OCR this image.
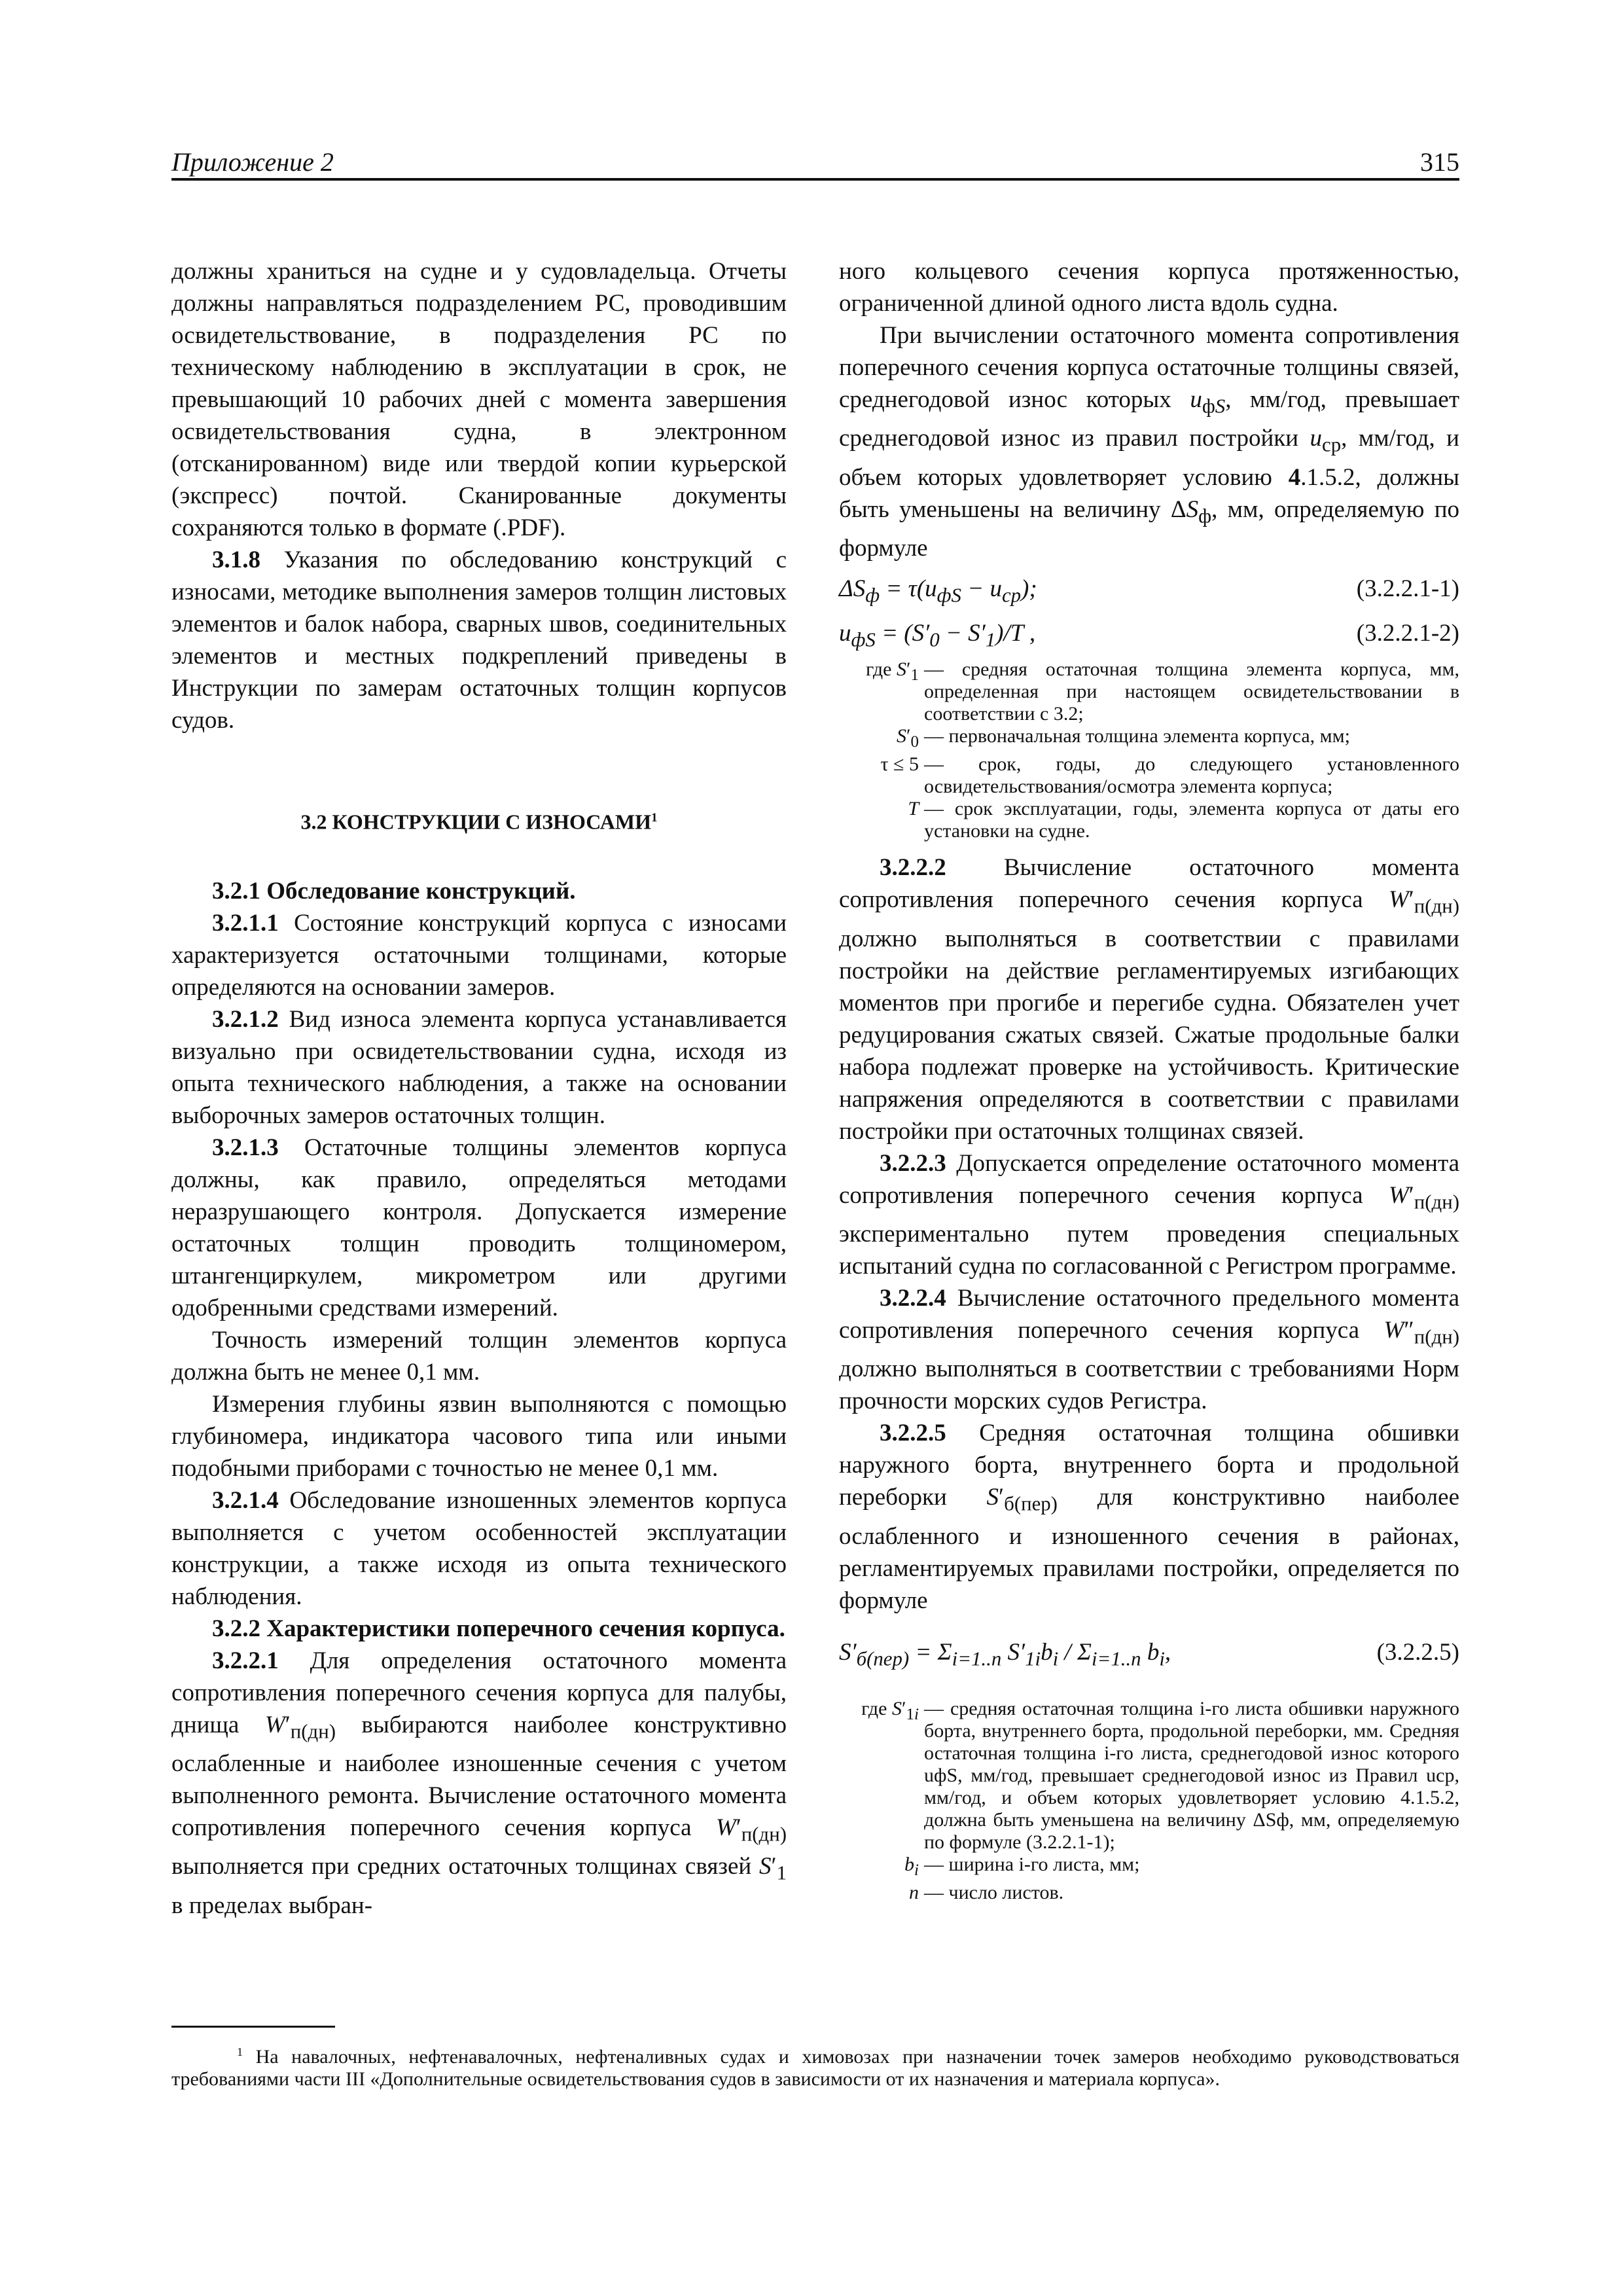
Приложение 2	315

должны храниться на судне и у судовладельца. Отчеты должны направляться подразделением РС, проводившим освидетельствование, в подразделения РС по техническому наблюдению в эксплуатации в срок, не превышающий 10 рабочих дней с момента завершения освидетельствования судна, в электронном (отсканированном) виде или твердой копии курьерской (экспресс) почтой. Сканированные документы сохраняются только в формате (.PDF).

3.1.8 Указания по обследованию конструкций с износами, методике выполнения замеров толщин листовых элементов и балок набора, сварных швов, соединительных элементов и местных подкреплений приведены в Инструкции по замерам остаточных толщин корпусов судов.

3.2 КОНСТРУКЦИИ С ИЗНОСАМИ$^1$

3.2.1 Обследование конструкций.

3.2.1.1 Состояние конструкций корпуса с износами характеризуется остаточными толщинами, которые определяются на основании замеров.

3.2.1.2 Вид износа элемента корпуса устанавливается визуально при освидетельствовании судна, исходя из опыта технического наблюдения, а также на основании выборочных замеров остаточных толщин.

3.2.1.3 Остаточные толщины элементов корпуса должны, как правило, определяться методами неразрушающего контроля. Допускается измерение остаточных толщин проводить толщиномером, штангенциркулем, микрометром или другими одобренными средствами измерений.

Точность измерений толщин элементов корпуса должна быть не менее 0,1 мм.

Измерения глубины язвин выполняются с помощью глубиномера, индикатора часового типа или иными подобными приборами с точностью не менее 0,1 мм.

3.2.1.4 Обследование изношенных элементов корпуса выполняется с учетом особенностей эксплуатации конструкции, а также исходя из опыта технического наблюдения.

3.2.2 Характеристики поперечного сечения корпуса.

3.2.2.1 Для определения остаточного момента сопротивления поперечного сечения корпуса для палубы, днища $W'_{п(дн)}$ выбираются наиболее конструктивно ослабленные и наиболее изношенные сечения с учетом выполненного ремонта. Вычисление остаточного момента сопротивления поперечного сечения корпуса $W'_{п(дн)}$ выполняется при средних остаточных толщинах связей $S'_1$ в пределах выбран-

ного кольцевого сечения корпуса протяженностью, ограниченной длиной одного листа вдоль судна.

При вычислении остаточного момента сопротивления поперечного сечения корпуса остаточные толщины связей, среднегодовой износ которых $u_{фS}$, мм/год, превышает среднегодовой износ из правил постройки $u_{ср}$, мм/год, и объем которых удовлетворяет условию 4.1.5.2, должны быть уменьшены на величину $\Delta S_ф$, мм, определяемую по формуле

$\Delta S_ф = \tau(u_{фS} - u_{ср})$;	(3.2.2.1-1)
$u_{фS} = (S'_0 - S'_1)/T$ ,	(3.2.2.1-2)
где $S'_1$ — средняя остаточная толщина элемента корпуса, мм, определенная при настоящем освидетельствовании в соответствии с 3.2;
$S'_0$ — первоначальная толщина элемента корпуса, мм;
τ ≤ 5 — срок, годы, до следующего установленного освидетельствования/осмотра элемента корпуса;
T — срок эксплуатации, годы, элемента корпуса от даты его установки на судне.

3.2.2.2 Вычисление остаточного момента сопротивления поперечного сечения корпуса $W'_{п(дн)}$ должно выполняться в соответствии с правилами постройки на действие регламентируемых изгибающих моментов при прогибе и перегибе судна. Обязателен учет редуцирования сжатых связей. Сжатые продольные балки набора подлежат проверке на устойчивость. Критические напряжения определяются в соответствии с правилами постройки при остаточных толщинах связей.

3.2.2.3 Допускается определение остаточного момента сопротивления поперечного сечения корпуса $W'_{п(дн)}$ экспериментально путем проведения специальных испытаний судна по согласованной с Регистром программе.

3.2.2.4 Вычисление остаточного предельного момента сопротивления поперечного сечения корпуса $W''_{п(дн)}$ должно выполняться в соответствии с требованиями Норм прочности морских судов Регистра.

3.2.2.5 Средняя остаточная толщина обшивки наружного борта, внутреннего борта и продольной переборки $S'_{б(пер)}$ для конструктивно наиболее ослабленного и изношенного сечения в районах, регламентируемых правилами постройки, определяется по формуле

$S'_{б(пер)} = \Sigma_{i=1..n}$ $S'_{1i}b_i / \Sigma_{i=1..n}$ $b_i$,	(3.2.2.5)
где $S'_{1i}$ — средняя остаточная толщина i-го листа обшивки наружного борта, внутреннего борта, продольной переборки, мм. Средняя остаточная толщина i-го листа, среднегодовой износ которого uфS, мм/год, превышает среднегодовой износ из Правил uср, мм/год, и объем которых удовлетворяет условию 4.1.5.2, должна быть уменьшена на величину ΔSф, мм, определяемую по формуле (3.2.2.1-1);
$b_i$ — ширина i-го листа, мм;
n — число листов.
$^1$ На навалочных, нефтенавалочных, нефтеналивных судах и химовозах при назначении точек замеров необходимо руководствоваться требованиями части III «Дополнительные освидетельствования судов в зависимости от их назначения и материала корпуса».
